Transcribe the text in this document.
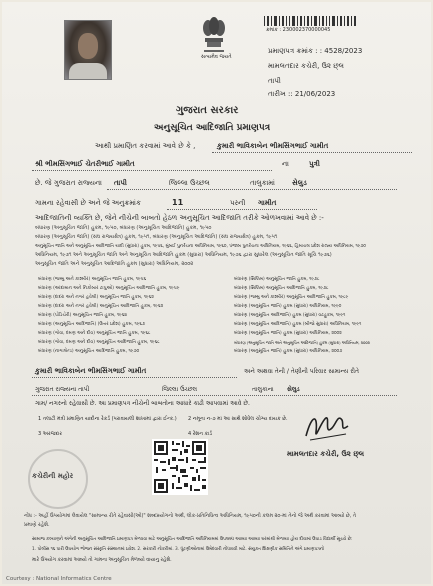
સત્યમેવ જયતે
ક્રમાંક : 230002370000045
પ્રમાણપત્ર ક્રમાંક : : 4528/2023
મામલતદાર કચેરી, ઉ૨ છ્લ
તાપી
તારીખ :: 21/06/2023
ગુજરાત સરકાર
અનુસૂચિત આદિજાતિ પ્રમાણપત્ર
આથી પ્રમાણિત કરવામાં આવે છે કે ,	કુમારી ભાવિકાબેન ભીમસિંગભાઈ ગામીત
શ્રી ભીમસિંગભાઈ ચેતરીભાઈ ગામીત	ના	પુત્રી
છે. જે ગુજરાત રાજ્યના તાપી	જિલ્લા ઉચ્છલ	તાલુકામાં સેલુડ
ગામના રહેવાસી છે અને જે અનુક્રમાંક	11	પરની ગામીત
આદિજાતિની વ્યક્તિ છે, જેને નીચેની બાબતો હેઠળ અનુસૂચિત આદિજાતિ તરીકે ઓળખવામાં આવે છે :-
બંધારણ (અનુસૂચિત જાતિ) હુકમ, ૧૯૫૦, બંધારણ (અનુસૂચિત આદિજાતિ) હુકમ, ૧૯૫૦
બંધારણ (અનુસૂચિત જાતિ) (સંઘ રાજ્યક્ષેત્ર) હુકમ, ૧૯૫૧, બંધારણ (અનુસૂચિત આદિજાતિ) (સંઘ રાજ્યક્ષેત્ર) હુકમ, ૧૯૫૧
અનુસૂચિત જાતિ અને અનુસૂચિત આદિજાતિ યાદી (સુધારા) હુકમ, ૧૯૫૬, મુંબઈ પુનર્રચના અધિનિયમ, ૧૯૬૦, પંજાબ પુનર્રચના અધિનિયમ, ૧૯૬૬, હિમાચલ પ્રદેશ રાજ્ય અધિનિયમ, ૧૯૭૦
અધિનિયમ, ૧૯૭૧ અને અનુસૂચિત જાતિ અને અનુસૂચિત આદિજાતિ હુકમ (સુધારા) અધિનિયમ, ૧૯૭૬ દ્વારા સુધારેલ (અનુસૂચિત જાતિ સૂચિ ૧૯૭૬)
અનુસૂચિત જાતિ અને અનુસૂચિત આદિજાતિ હુકમ (સુધારા) અધિનિયમ, ૨૦૦૨
બંધારણ (જમ્મુ અને કાશ્મીર) અનુસૂચિત જાતિ હુકમ, ૧૯૫૬
બંધારણ (આંદામાન અને નિકોબાર ટાપુઓ) અનુસૂચિત આદિજાતિ હુકમ, ૧૯૫૯
બંધારણ (દાદરા અને નગર હવેલી) અનુસૂચિત જાતિ હુકમ, ૧૯૬૨
બંધારણ (દાદરા અને નગર હવેલી) અનુસૂચિત આદિજાતિ હુકમ, ૧૯૬૨
બંધારણ (પોંડિચેરી) અનુસૂચિત જાતિ હુકમ, ૧૯૬૪
બંધારણ (અનુસૂચિત આદિજાતિ) (ઉત્તર પ્રદેશ) હુકમ, ૧૯૬૭
બંધારણ (ગોવા, દમણ અને દીવ) અનુસૂચિત જાતિ હુકમ, ૧૯૬૮
બંધારણ (ગોવા, દમણ અને દીવ) અનુસૂચિત આદિજાતિ હુકમ, ૧૯૬૮
બંધારણ (નાગાલેન્ડ) અનુસૂચિત આદિજાતિ હુકમ, ૧૯૭૦
બંધારણ (સિક્કિમ) અનુસૂચિત જાતિ હુકમ, ૧૯૭૮
બંધારણ (સિક્કિમ) અનુસૂચિત આદિજાતિ હુકમ, ૧૯૭૮
બંધારણ (જમ્મુ અને કાશ્મીર) અનુસૂચિત આદિજાતિ હુકમ, ૧૯૮૯
બંધારણ (અનુસૂચિત જાતિ) હુકમ (સુધારા) અધિનિયમ, ૧૯૯૦
બંધારણ (અનુસૂચિત આદિજાતિ) હુકમ (સુધારા) વટહુકમ, ૧૯૯૧
બંધારણ (અનુસૂચિત આદિજાતિ) હુકમ (બીજો સુધારા) અધિનિયમ, ૧૯૯૧
બંધારણ (અનુસૂચિત જાતિ) હુકમ (સુધારા) અધિનિયમ, ૨૦૦૨
બંધારણ (અનુસૂચિત જાતિ અને અનુસૂચિત આદિજાતિ) હુકમ (સુધારા) અધિનિયમ, ૨૦૦૨
બંધારણ (અનુસૂચિત જાતિ) હુકમ (સુધારા) અધિનિયમ, ૨૦૦૭
કુમારી ભાવિકાબેન ભીમસિંગભાઈ ગામીત	અને અથવા તેની / તેણીની પરિવાર સામાન્ય રીતે
ગુજરાત રાજ્યના તાપી	જિલ્લા ઉચ્છલ	તાલુકાના સેલુડ
ગામ/ નગરનો રહેવાસી છે. આ પ્રમાણપત્ર નીચેની બાબતોના આધારે કાઢી આપવામાં આવે છે.
1 તલાટી મંત્રી પ્રમાણિત યાદીના રેકર્ડ (પરાવાયલી શાખામાં દ્વારા ઈન્ક.) 2 નમૂના ન-૭ માં આ સાથે શોધેલ ચોગ્ય દાયક છે.
3 અરજદાર	4 રેશન કાર્ડ
કચેરીની મહોર
મામલતદાર કચેરી, ઉ૨ છ્લ
નોંધ :- અહીં ઉપયોગમાં લેવાયેલ "સામાન્ય રીતે રહેવાસી(ઓ)" શબ્દપ્રયોગનો અર્થ, લોક-પ્રતિનિધિત્વ અધિનિયમ, ૧૯૫૦ની કલમ ૨૦-માં તેનો જે અર્થ કરવામાં આવ્યો છે, તે
પ્રમાણે રહેશે.
સામાજ કલ્યાણને અંગેની અનુસૂચિત આદિજાતિ પ્રમાણપત્ર મેળવવા માટે અનુસૂચિત આદિજાતિ અધિનિયમમાં ઉપલબ્ધ આવ્યા આવ્યા ઘરમાંથી મેળવ્યા હોય દીવામાં ઉપાડ વિદ્યાર્થી સૂચવે છે:
1. પોલીસ ૧૬ પારી ઉપયોગ ભોજન સંસ્કૃતિ સંસ્થાનમાં પ્રવેશ. 2. સરકારી નોકરીમાં. 3. ધૂંટણીઓનામાં ઉમેદવારી નોંધાવવી માટે. સંયુક્ત શિક્ષણીક સમિતિને અંગે પ્રમાણપત્રનો
મારે ઉપયોગ કરવામાં આવ્યો તો ગામના અનુસૂચિત મેળવ્યો વાયાનુ રહેશે.
Courtesy : National Informatics Centre
